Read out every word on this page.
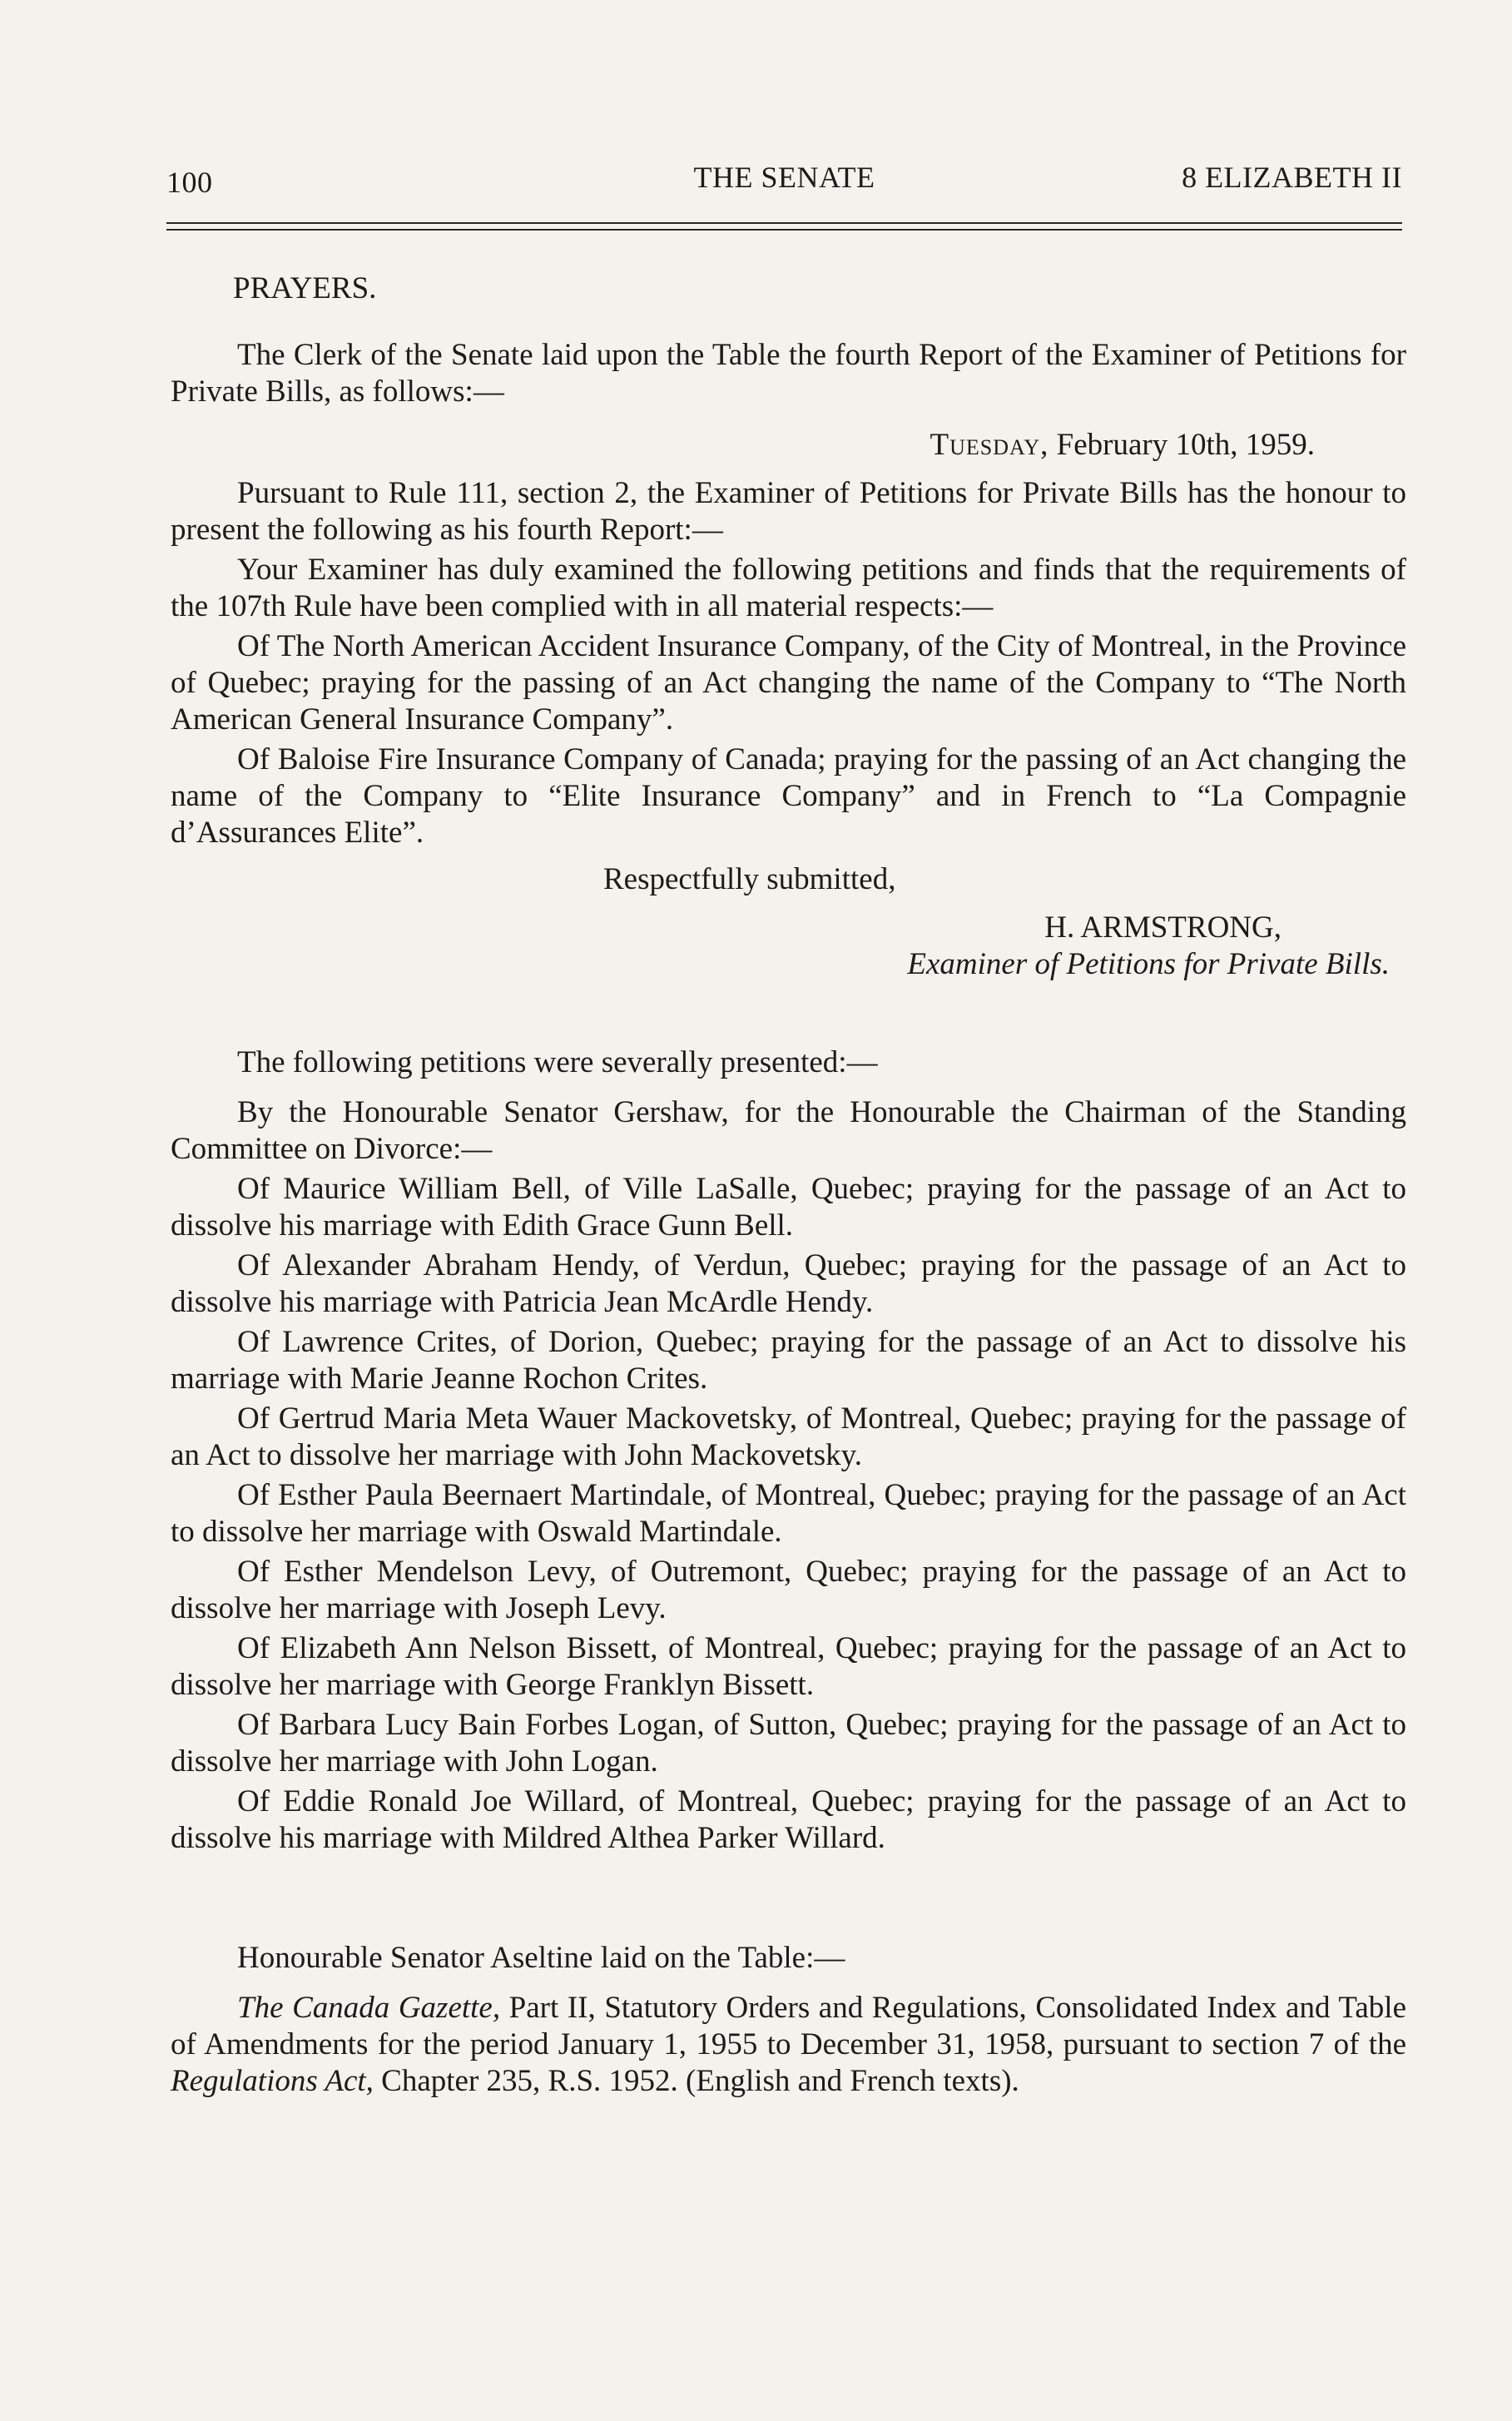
100	THE SENATE	8 ELIZABETH II

PRAYERS.

The Clerk of the Senate laid upon the Table the fourth Report of the Examiner of Petitions for Private Bills, as follows:—

Tuesday, February 10th, 1959.

Pursuant to Rule 111, section 2, the Examiner of Petitions for Private Bills has the honour to present the following as his fourth Report:—

Your Examiner has duly examined the following petitions and finds that the requirements of the 107th Rule have been complied with in all material respects:—

Of The North American Accident Insurance Company, of the City of Montreal, in the Province of Quebec; praying for the passing of an Act changing the name of the Company to “The North American General Insurance Company”.

Of Baloise Fire Insurance Company of Canada; praying for the passing of an Act changing the name of the Company to “Elite Insurance Company” and in French to “La Compagnie d’Assurances Elite”.

Respectfully submitted,

H. ARMSTRONG,

Examiner of Petitions for Private Bills.

The following petitions were severally presented:—

By the Honourable Senator Gershaw, for the Honourable the Chairman of the Standing Committee on Divorce:—

Of Maurice William Bell, of Ville LaSalle, Quebec; praying for the passage of an Act to dissolve his marriage with Edith Grace Gunn Bell.

Of Alexander Abraham Hendy, of Verdun, Quebec; praying for the passage of an Act to dissolve his marriage with Patricia Jean McArdle Hendy.

Of Lawrence Crites, of Dorion, Quebec; praying for the passage of an Act to dissolve his marriage with Marie Jeanne Rochon Crites.

Of Gertrud Maria Meta Wauer Mackovetsky, of Montreal, Quebec; praying for the passage of an Act to dissolve her marriage with John Mackovetsky.

Of Esther Paula Beernaert Martindale, of Montreal, Quebec; praying for the passage of an Act to dissolve her marriage with Oswald Martindale.

Of Esther Mendelson Levy, of Outremont, Quebec; praying for the passage of an Act to dissolve her marriage with Joseph Levy.

Of Elizabeth Ann Nelson Bissett, of Montreal, Quebec; praying for the passage of an Act to dissolve her marriage with George Franklyn Bissett.

Of Barbara Lucy Bain Forbes Logan, of Sutton, Quebec; praying for the passage of an Act to dissolve her marriage with John Logan.

Of Eddie Ronald Joe Willard, of Montreal, Quebec; praying for the passage of an Act to dissolve his marriage with Mildred Althea Parker Willard.

Honourable Senator Aseltine laid on the Table:—

The Canada Gazette, Part II, Statutory Orders and Regulations, Consolidated Index and Table of Amendments for the period January 1, 1955 to December 31, 1958, pursuant to section 7 of the Regulations Act, Chapter 235, R.S. 1952. (English and French texts).
